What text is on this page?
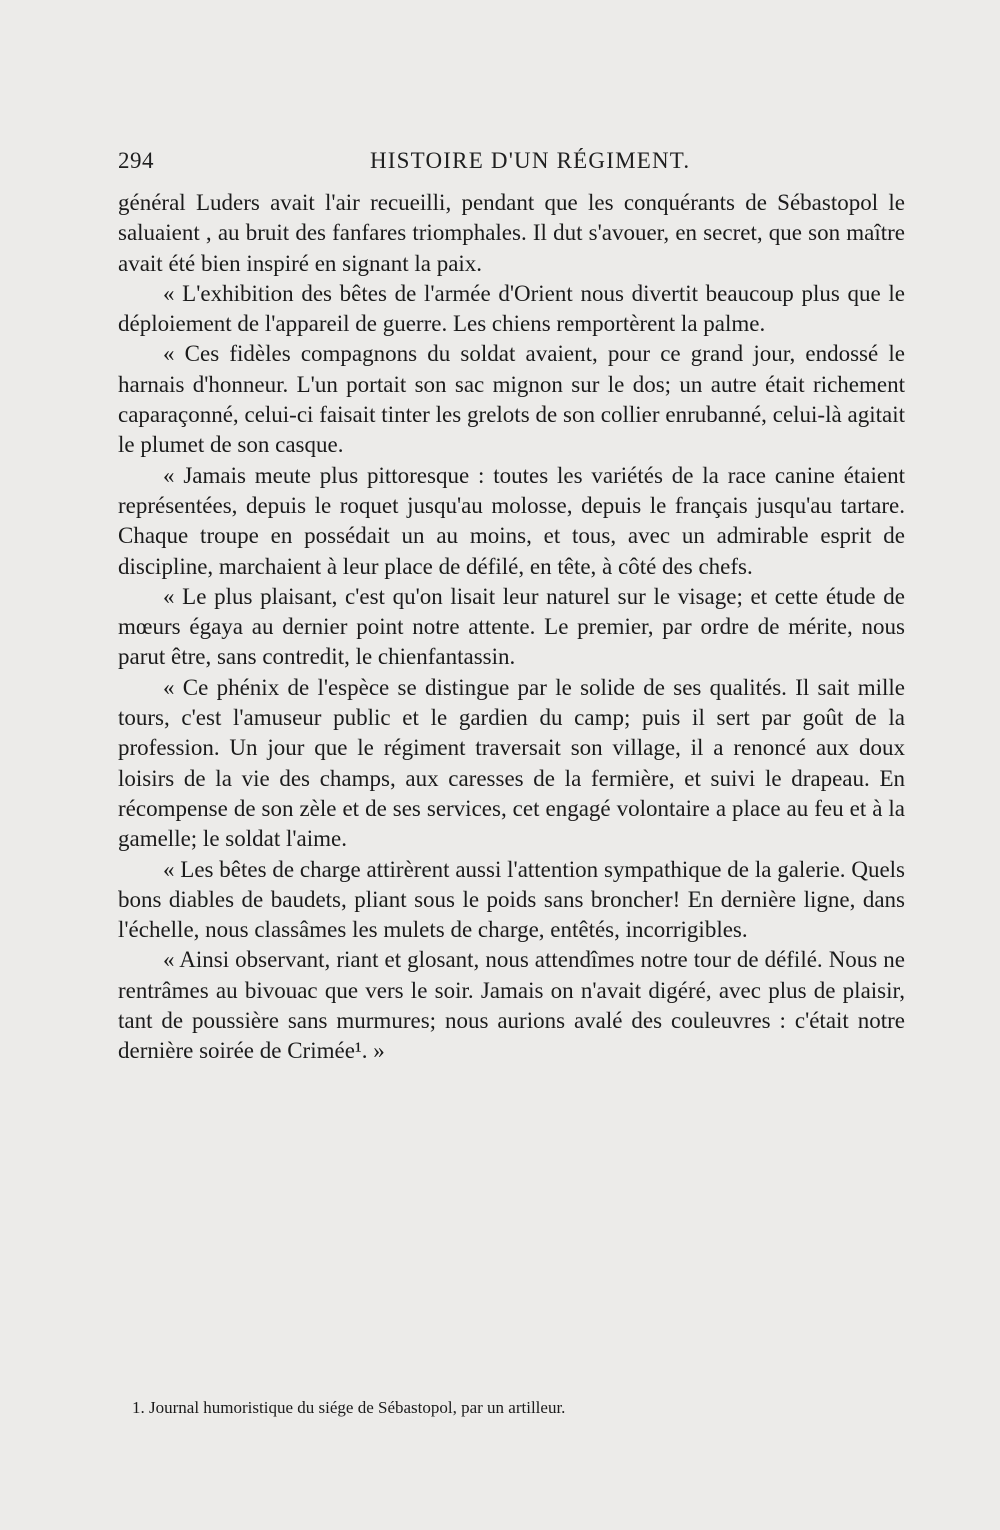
294	HISTOIRE D'UN RÉGIMENT.

général Luders avait l'air recueilli, pendant que les conquérants de Sébastopol le saluaient , au bruit des fanfares triomphales. Il dut s'avouer, en secret, que son maître avait été bien inspiré en signant la paix.

« L'exhibition des bêtes de l'armée d'Orient nous divertit beaucoup plus que le déploiement de l'appareil de guerre. Les chiens remportèrent la palme.

« Ces fidèles compagnons du soldat avaient, pour ce grand jour, endossé le harnais d'honneur. L'un portait son sac mignon sur le dos; un autre était richement caparaçonné, celui-ci faisait tinter les grelots de son collier enrubanné, celui-là agitait le plumet de son casque.

« Jamais meute plus pittoresque : toutes les variétés de la race canine étaient représentées, depuis le roquet jusqu'au molosse, depuis le français jusqu'au tartare. Chaque troupe en possédait un au moins, et tous, avec un admirable esprit de discipline, marchaient à leur place de défilé, en tête, à côté des chefs.

« Le plus plaisant, c'est qu'on lisait leur naturel sur le visage; et cette étude de mœurs égaya au dernier point notre attente. Le premier, par ordre de mérite, nous parut être, sans contredit, le chienfantassin.

« Ce phénix de l'espèce se distingue par le solide de ses qualités. Il sait mille tours, c'est l'amuseur public et le gardien du camp; puis il sert par goût de la profession. Un jour que le régiment traversait son village, il a renoncé aux doux loisirs de la vie des champs, aux caresses de la fermière, et suivi le drapeau. En récompense de son zèle et de ses services, cet engagé volontaire a place au feu et à la gamelle; le soldat l'aime.

« Les bêtes de charge attirèrent aussi l'attention sympathique de la galerie. Quels bons diables de baudets, pliant sous le poids sans broncher! En dernière ligne, dans l'échelle, nous classâmes les mulets de charge, entêtés, incorrigibles.

« Ainsi observant, riant et glosant, nous attendîmes notre tour de défilé. Nous ne rentrâmes au bivouac que vers le soir. Jamais on n'avait digéré, avec plus de plaisir, tant de poussière sans murmures; nous aurions avalé des couleuvres : c'était notre dernière soirée de Crimée¹. »

1. Journal humoristique du siége de Sébastopol, par un artilleur.
